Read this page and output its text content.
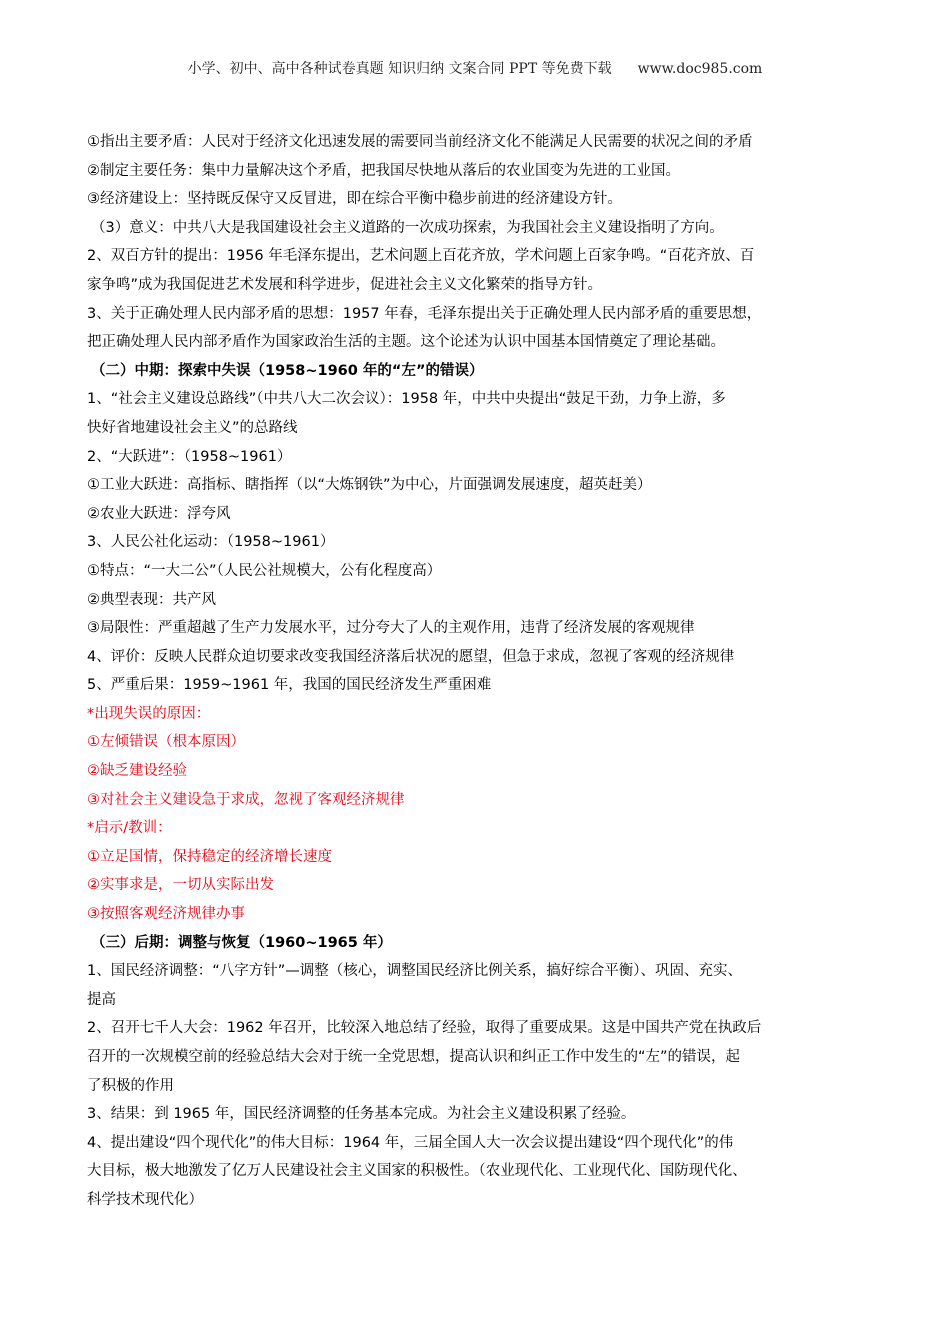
小学、初中、高中各种试卷真题 知识归纳 文案合同 PPT 等免费下载 www.doc985.com
①指出主要矛盾：人民对于经济文化迅速发展的需要同当前经济文化不能满足人民需要的状况之间的矛盾
②制定主要任务：集中力量解决这个矛盾，把我国尽快地从落后的农业国变为先进的工业国。
③经济建设上：坚持既反保守又反冒进，即在综合平衡中稳步前进的经济建设方针。
（3）意义：中共八大是我国建设社会主义道路的一次成功探索，为我国社会主义建设指明了方向。
2、双百方针的提出：1956 年毛泽东提出，艺术问题上百花齐放，学术问题上百家争鸣。“百花齐放、百
家争鸣”成为我国促进艺术发展和科学进步，促进社会主义文化繁荣的指导方针。
3、关于正确处理人民内部矛盾的思想：1957 年春，毛泽东提出关于正确处理人民内部矛盾的重要思想，
把正确处理人民内部矛盾作为国家政治生活的主题。这个论述为认识中国基本国情奠定了理论基础。
（二）中期：探索中失误（1958~1960 年的“左”的错误）
1、“社会主义建设总路线”（中共八大二次会议）：1958 年，中共中央提出“鼓足干劲，力争上游，多
快好省地建设社会主义”的总路线
2、“大跃进”：（1958~1961）
①工业大跃进：高指标、瞎指挥（以“大炼钢铁”为中心，片面强调发展速度，超英赶美）
②农业大跃进：浮夸风
3、人民公社化运动：（1958~1961）
①特点：“一大二公”（人民公社规模大，公有化程度高）
②典型表现：共产风
③局限性：严重超越了生产力发展水平，过分夸大了人的主观作用，违背了经济发展的客观规律
4、评价：反映人民群众迫切要求改变我国经济落后状况的愿望，但急于求成，忽视了客观的经济规律
5、严重后果：1959~1961 年，我国的国民经济发生严重困难
*出现失误的原因：
①左倾错误（根本原因）
②缺乏建设经验
③对社会主义建设急于求成，忽视了客观经济规律
*启示/教训：
①立足国情，保持稳定的经济增长速度
②实事求是，一切从实际出发
③按照客观经济规律办事
（三）后期：调整与恢复（1960~1965 年）
1、国民经济调整：“八字方针”—调整（核心，调整国民经济比例关系，搞好综合平衡）、巩固、充实、
提高
2、召开七千人大会：1962 年召开，比较深入地总结了经验，取得了重要成果。这是中国共产党在执政后
召开的一次规模空前的经验总结大会对于统一全党思想，提高认识和纠正工作中发生的“左”的错误，起
了积极的作用
3、结果：到 1965 年，国民经济调整的任务基本完成。为社会主义建设积累了经验。
4、提出建设“四个现代化”的伟大目标：1964 年，三届全国人大一次会议提出建设“四个现代化”的伟
大目标，极大地激发了亿万人民建设社会主义国家的积极性。（农业现代化、工业现代化、国防现代化、
科学技术现代化）
